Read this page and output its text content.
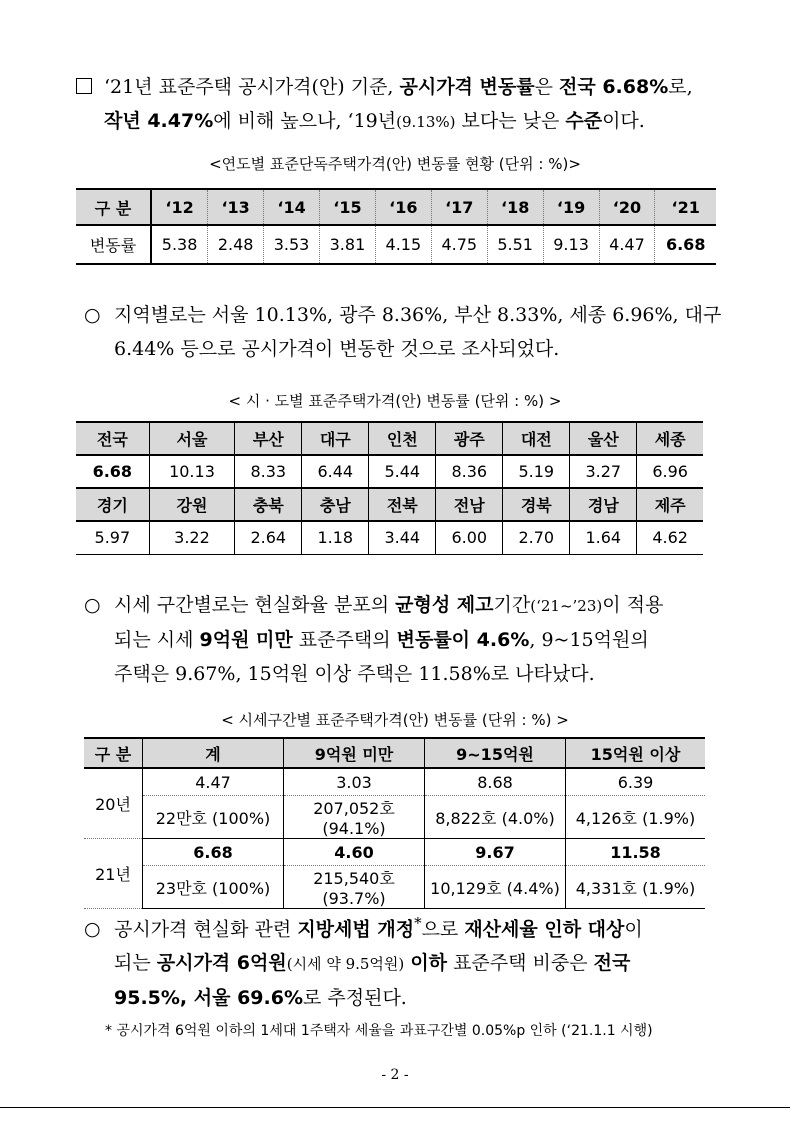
‘21년 표준주택 공시가격(안) 기준, 공시가격 변동률은 전국 6.68%로,
작년 4.47%에 비해 높으나, ‘19년(9.13%) 보다는 낮은 수준이다.
<연도별 표준단독주택가격(안) 변동률 현황 (단위 : %)>
구 분	‘12	‘13	‘14	‘15	‘16	‘17	‘18	‘19	‘20	‘21
변동률	5.38	2.48	3.53	3.81	4.15	4.75	5.51	9.13	4.47	6.68
○ 지역별로는 서울 10.13%, 광주 8.36%, 부산 8.33%, 세종 6.96%, 대구
6.44% 등으로 공시가격이 변동한 것으로 조사되었다.
< 시 · 도별 표준주택가격(안) 변동률 (단위 : %) >
전국	서울	부산	대구	인천	광주	대전	울산	세종
6.68	10.13	8.33	6.44	5.44	8.36	5.19	3.27	6.96
경기	강원	충북	충남	전북	전남	경북	경남	제주
5.97	3.22	2.64	1.18	3.44	6.00	2.70	1.64	4.62
○ 시세 구간별로는 현실화율 분포의 균형성 제고기간(‘21~’23)이 적용
되는 시세 9억원 미만 표준주택의 변동률이 4.6%, 9~15억원의
주택은 9.67%, 15억원 이상 주택은 11.58%로 나타났다.
< 시세구간별 표준주택가격(안) 변동률 (단위 : %) >
구 분	계	9억원 미만	9~15억원	15억원 이상
20년	4.47	3.03	8.68	6.39
	22만호 (100%)	207,052호 (94.1%)	8,822호 (4.0%)	4,126호 (1.9%)
21년	6.68	4.60	9.67	11.58
	23만호 (100%)	215,540호 (93.7%)	10,129호 (4.4%)	4,331호 (1.9%)
○ 공시가격 현실화 관련 지방세법 개정*으로 재산세율 인하 대상이
되는 공시가격 6억원(시세 약 9.5억원) 이하 표준주택 비중은 전국
95.5%, 서울 69.6%로 추정된다.
* 공시가격 6억원 이하의 1세대 1주택자 세율을 과표구간별 0.05%p 인하 (‘21.1.1 시행)
- 2 -
